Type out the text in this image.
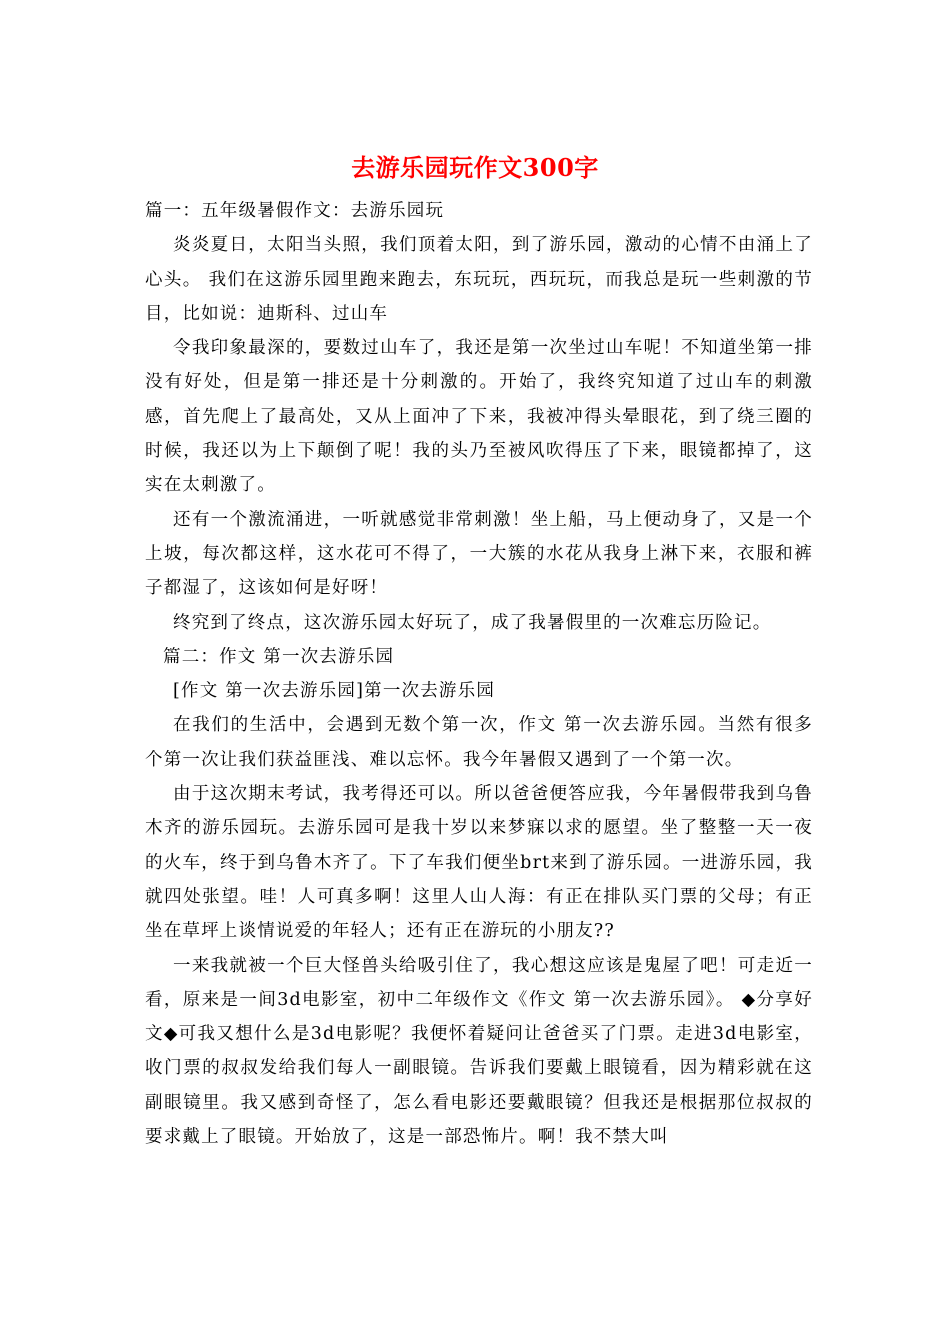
去游乐园玩作文300字

篇一：五年级暑假作文：去游乐园玩

炎炎夏日，太阳当头照，我们顶着太阳，到了游乐园，激动的心情不由涌上了心头。 我们在这游乐园里跑来跑去，东玩玩，西玩玩，而我总是玩一些刺激的节目，比如说：迪斯科、过山车

令我印象最深的，要数过山车了，我还是第一次坐过山车呢！不知道坐第一排没有好处，但是第一排还是十分刺激的。开始了，我终究知道了过山车的刺激感，首先爬上了最高处，又从上面冲了下来，我被冲得头晕眼花，到了绕三圈的时候，我还以为上下颠倒了呢！我的头乃至被风吹得压了下来，眼镜都掉了，这实在太刺激了。

还有一个激流涌进，一听就感觉非常刺激！坐上船，马上便动身了，又是一个上坡，每次都这样，这水花可不得了，一大簇的水花从我身上淋下来，衣服和裤子都湿了，这该如何是好呀！

终究到了终点，这次游乐园太好玩了，成了我暑假里的一次难忘历险记。

篇二：作文 第一次去游乐园

[作文 第一次去游乐园]第一次去游乐园

在我们的生活中，会遇到无数个第一次，作文 第一次去游乐园。当然有很多个第一次让我们获益匪浅、难以忘怀。我今年暑假又遇到了一个第一次。

由于这次期末考试，我考得还可以。所以爸爸便答应我，今年暑假带我到乌鲁木齐的游乐园玩。去游乐园可是我十岁以来梦寐以求的愿望。坐了整整一天一夜的火车，终于到乌鲁木齐了。下了车我们便坐brt来到了游乐园。一进游乐园，我就四处张望。哇！人可真多啊！这里人山人海：有正在排队买门票的父母；有正坐在草坪上谈情说爱的年轻人；还有正在游玩的小朋友??

一来我就被一个巨大怪兽头给吸引住了，我心想这应该是鬼屋了吧！可走近一看，原来是一间3d电影室，初中二年级作文《作文 第一次去游乐园》。 ◆分享好文◆可我又想什么是3d电影呢？我便怀着疑问让爸爸买了门票。走进3d电影室，收门票的叔叔发给我们每人一副眼镜。告诉我们要戴上眼镜看，因为精彩就在这副眼镜里。我又感到奇怪了，怎么看电影还要戴眼镜？但我还是根据那位叔叔的要求戴上了眼镜。开始放了，这是一部恐怖片。啊！我不禁大叫
